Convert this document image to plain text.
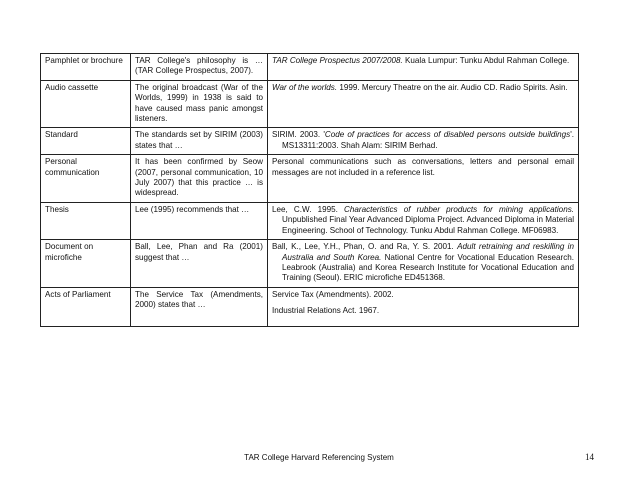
Pamphlet or brochure	TAR College's philosophy is … (TAR College Prospectus, 2007).	TAR College Prospectus 2007/2008. Kuala Lumpur: Tunku Abdul Rahman College.

Audio cassette	The original broadcast (War of the Worlds, 1999) in 1938 is said to have caused mass panic amongst listeners.	War of the worlds. 1999. Mercury Theatre on the air. Audio CD. Radio Spirits. Asin.

Standard	The standards set by SIRIM (2003) states that …	SIRIM. 2003. 'Code of practices for access of disabled persons outside buildings'. MS13311:2003. Shah Alam: SIRIM Berhad.

Personal communication	It has been confirmed by Seow (2007, personal communication, 10 July 2007) that this practice … is widespread.	Personal communications such as conversations, letters and personal email messages are not included in a reference list.

Thesis	Lee (1995) recommends that …	Lee, C.W. 1995. Characteristics of rubber products for mining applications. Unpublished Final Year Advanced Diploma Project. Advanced Diploma in Material Engineering. School of Technology. Tunku Abdul Rahman College. MF06983.

Document on microfiche	Ball, Lee, Phan and Ra (2001) suggest that …	Ball, K., Lee, Y.H., Phan, O. and Ra, Y. S. 2001. Adult retraining and reskilling in Australia and South Korea. National Centre for Vocational Education Research. Leabrook (Australia) and Korea Research Institute for Vocational Education and Training (Seoul). ERIC microfiche ED451368.

Acts of Parliament	The Service Tax (Amendments, 2000) states that …	Service Tax (Amendments). 2002.
Industrial Relations Act. 1967.
TAR College Harvard Referencing System	14
